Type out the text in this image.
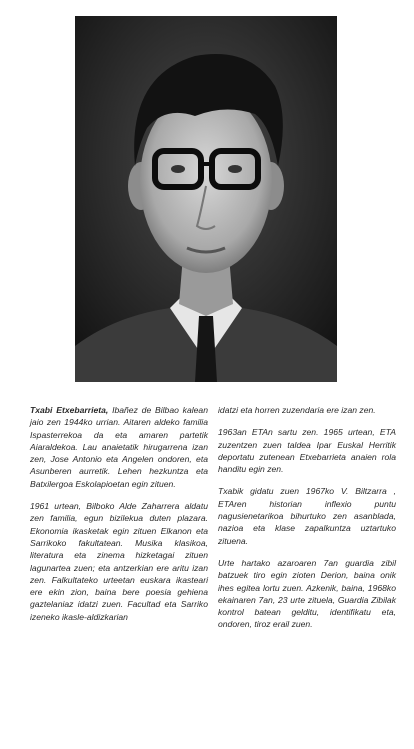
Txabi Etxebarrieta, Ibañez de Bilbao kalean jaio zen 1944ko urrian. Aitaren aldeko familia Ispasterrekoa da eta amaren partetik Aiaraldekoa. Lau anaietatik hirugarrena izan zen, Jose Antonio eta Angelen ondoren, eta Asunberen aurretik. Lehen hezkuntza eta Batxilergoa Eskolapioetan egin zituen.

1961 urtean, Bilboko Alde Zaharrera aldatu zen familia, egun bizilekua duten plazara. Ekonomia ikasketak egin zituen Elkanon eta Sarrikoko fakultatean. Musika klasikoa, literatura eta zinema hizketagai zituen lagunartea zuen; eta antzerkian ere aritu izan zen. Falkultateko urteetan euskara ikasteari ere ekin zion, baina bere poesia gehiena gaztelaniaz idatzi zuen. Facultad eta Sarriko izeneko ikasle-aldizkarian

idatzi eta horren zuzendaria ere izan zen.

1963an ETAn sartu zen. 1965 urtean, ETA zuzentzen zuen taldea Ipar Euskal Herritik deportatu zutenean Etxebarrieta anaien rola handitu egin zen.

Txabik gidatu zuen 1967ko V. Biltzarra , ETAren historian inflexio puntu nagusienetarikoa bihurtuko zen asanbladа, nazioa eta klase zapalkuntza uztartuko zituena.

Urte hartako azaroaren 7an guardia zibil batzuek tiro egin zioten Derion, baina onik ihes egitea lortu zuen. Azkenik, baina, 1968ko ekainaren 7an, 23 urte zituela, Guardia Zibilak kontrol batean gelditu, identifikatu eta, ondoren, tiroz erail zuen.
